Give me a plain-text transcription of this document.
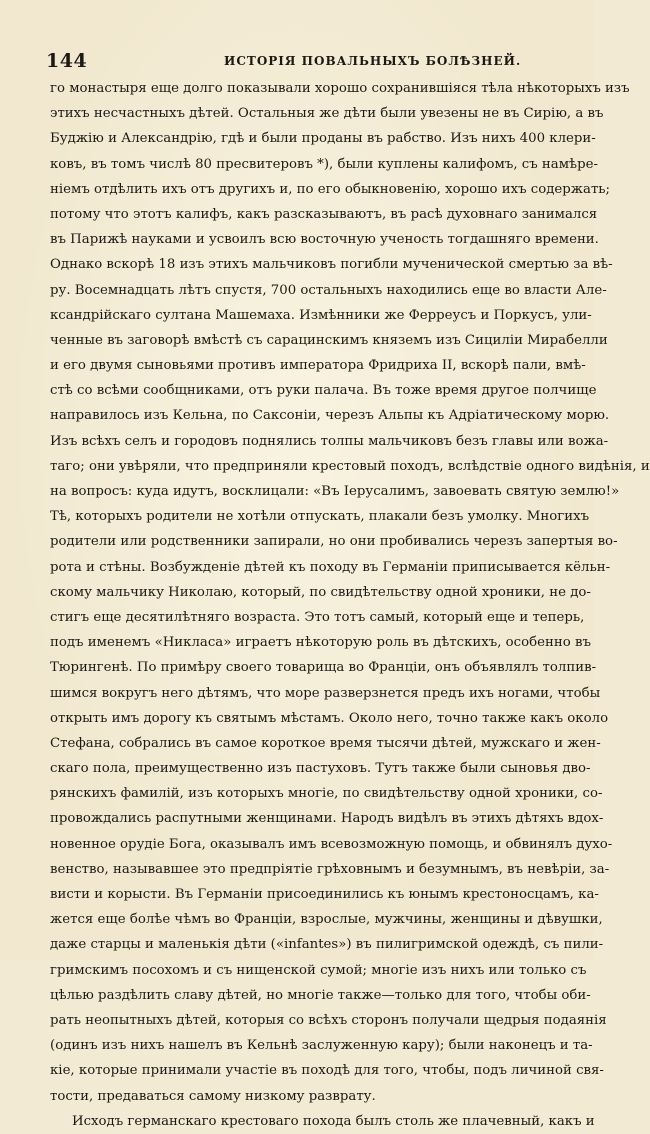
144	ИСТОРІЯ ПОВАЛЬНЫХЪ БОЛѢЗНЕЙ.
го монастыря еще долго показывали хорошо сохранившіяся тѣла нѣкоторыхъ изъ
этихъ несчастныхъ дѣтей. Остальныя же дѣти были увезены не въ Сирію, а въ
Буджію и Александрію, гдѣ и были проданы въ рабство. Изъ нихъ 400 клери-
ковъ, въ томъ числѣ 80 пресвитеровъ *), были куплены калифомъ, съ намѣре-
ніемъ отдѣлить ихъ отъ другихъ и, по его обыкновенію, хорошо ихъ содержать;
потому что этотъ калифъ, какъ разсказываютъ, въ расѣ духовнаго занимался
въ Парижѣ науками и усвоилъ всю восточную ученость тогдашняго времени.
Однако вскорѣ 18 изъ этихъ мальчиковъ погибли мученической смертью за вѣ-
ру. Восемнадцать лѣтъ спустя, 700 остальныхъ находились еще во власти Але-
ксандрійскаго султана Машемаха. Измѣнники же Ферреусъ и Поркусъ, ули-
ченные въ заговорѣ вмѣстѣ съ сарацинскимъ княземъ изъ Сициліи Мирабелли
и его двумя сыновьями противъ императора Фридриха II, вскорѣ пали, вмѣ-
стѣ со всѣми сообщниками, отъ руки палача. Въ тоже время другое полчище
направилось изъ Кельна, по Саксоніи, черезъ Альпы къ Адріатическому морю.
Изъ всѣхъ селъ и городовъ поднялись толпы мальчиковъ безъ главы или вожа-
таго; они увѣряли, что предприняли крестовый походъ, вслѣдствіе одного видѣнія, и
на вопросъ: куда идутъ, восклицали: «Въ Іерусалимъ, завоевать святую землю!»
Тѣ, которыхъ родители не хотѣли отпускать, плакали безъ умолку. Многихъ
родители или родственники запирали, но они пробивались черезъ запертыя во-
рота и стѣны. Возбужденіе дѣтей къ походу въ Германіи приписывается кёльн-
скому мальчику Николаю, который, по свидѣтельству одной хроники, не до-
стигъ еще десятилѣтняго возраста. Это тотъ самый, который еще и теперь,
подъ именемъ «Никласа» играетъ нѣкоторую роль въ дѣтскихъ, особенно въ
Тюрингенѣ. По примѣру своего товарища во Франціи, онъ объявлялъ толпив-
шимся вокругъ него дѣтямъ, что море разверзнется предъ ихъ ногами, чтобы
открыть имъ дорогу къ святымъ мѣстамъ. Около него, точно также какъ около
Стефана, собрались въ самое короткое время тысячи дѣтей, мужскаго и жен-
скаго пола, преимущественно изъ пастуховъ. Тутъ также были сыновья дво-
рянскихъ фамилій, изъ которыхъ многіе, по свидѣтельству одной хроники, со-
провождались распутными женщинами. Народъ видѣлъ въ этихъ дѣтяхъ вдох-
новенное орудіе Бога, оказывалъ имъ всевозможную помощь, и обвинялъ духо-
венство, называвшее это предпріятіе грѣховнымъ и безумнымъ, въ невѣріи, за-
висти и корысти. Въ Германіи присоединились къ юнымъ крестоносцамъ, ка-
жется еще болѣе чѣмъ во Франціи, взрослые, мужчины, женщины и дѣвушки,
даже старцы и маленькія дѣти («infantes») въ пилигримской одеждѣ, съ пили-
гримскимъ посохомъ и съ нищенской сумой; многіе изъ нихъ или только съ
цѣлью раздѣлить славу дѣтей, но многіе также—только для того, чтобы оби-
рать неопытныхъ дѣтей, которыя со всѣхъ сторонъ получали щедрыя подаянія
(одинъ изъ нихъ нашелъ въ Кельнѣ заслуженную кару); были наконецъ и та-
кіе, которые принимали участіе въ походѣ для того, чтобы, подъ личиной свя-
тости, предаваться самому низкому разврату.
Исходъ германскаго крестоваго похода былъ столь же плачевный, какъ и
